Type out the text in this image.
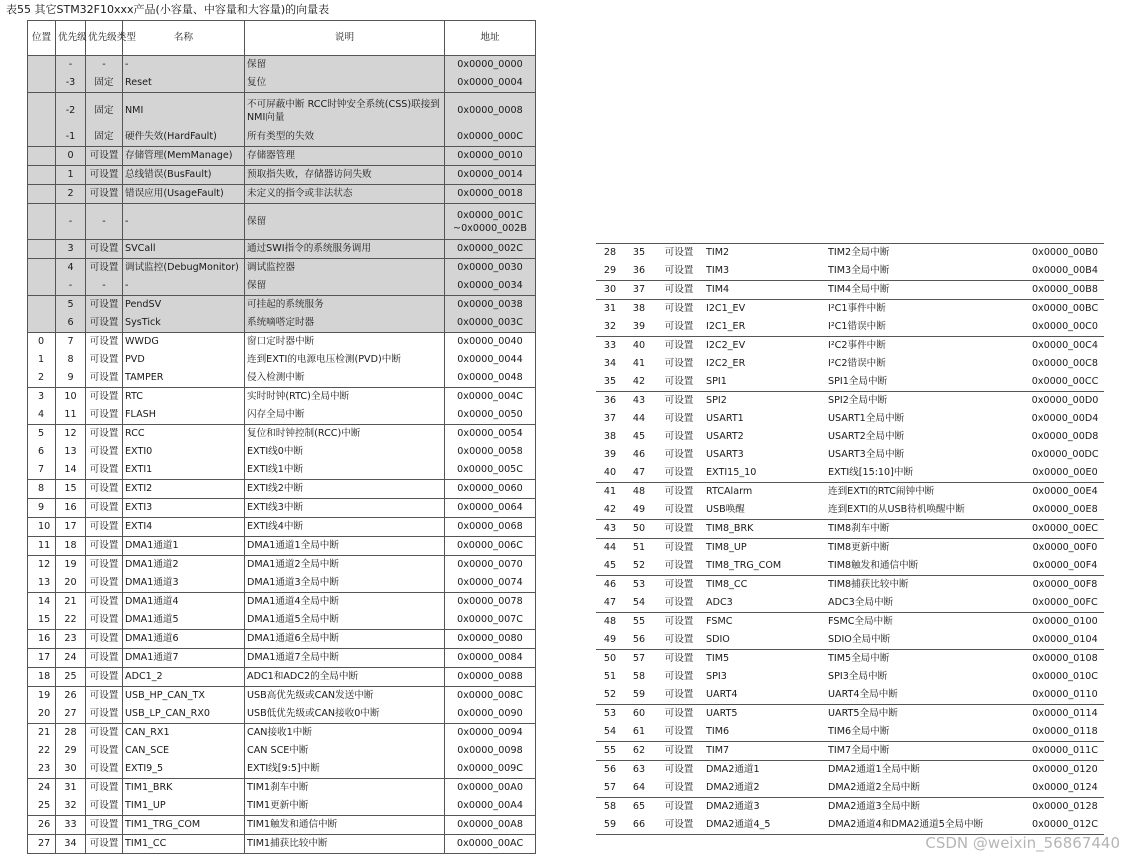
表55 其它STM32F10xxx产品(小容量、中容量和大容量)的向量表
位置	优先级	优先级类型	名称	说明	地址
	-	-	-	保留	0x0000_0000
	-3	固定	Reset	复位	0x0000_0004
	-2	固定	NMI	不可屏蔽中断 RCC时钟安全系统(CSS)联接到NMI向量	0x0000_0008
	-1	固定	硬件失效(HardFault)	所有类型的失效	0x0000_000C
	0	可设置	存储管理(MemManage)	存储器管理	0x0000_0010
	1	可设置	总线错误(BusFault)	预取指失败，存储器访问失败	0x0000_0014
	2	可设置	错误应用(UsageFault)	未定义的指令或非法状态	0x0000_0018
	-	-	-	保留	0x0000_001C ~0x0000_002B
	3	可设置	SVCall	通过SWI指令的系统服务调用	0x0000_002C
	4	可设置	调试监控(DebugMonitor)	调试监控器	0x0000_0030
	-	-	-	保留	0x0000_0034
	5	可设置	PendSV	可挂起的系统服务	0x0000_0038
	6	可设置	SysTick	系统嘀嗒定时器	0x0000_003C
0	7	可设置	WWDG	窗口定时器中断	0x0000_0040
1	8	可设置	PVD	连到EXTI的电源电压检测(PVD)中断	0x0000_0044
2	9	可设置	TAMPER	侵入检测中断	0x0000_0048
3	10	可设置	RTC	实时时钟(RTC)全局中断	0x0000_004C
4	11	可设置	FLASH	闪存全局中断	0x0000_0050
5	12	可设置	RCC	复位和时钟控制(RCC)中断	0x0000_0054
6	13	可设置	EXTI0	EXTI线0中断	0x0000_0058
7	14	可设置	EXTI1	EXTI线1中断	0x0000_005C
8	15	可设置	EXTI2	EXTI线2中断	0x0000_0060
9	16	可设置	EXTI3	EXTI线3中断	0x0000_0064
10	17	可设置	EXTI4	EXTI线4中断	0x0000_0068
11	18	可设置	DMA1通道1	DMA1通道1全局中断	0x0000_006C
12	19	可设置	DMA1通道2	DMA1通道2全局中断	0x0000_0070
13	20	可设置	DMA1通道3	DMA1通道3全局中断	0x0000_0074
14	21	可设置	DMA1通道4	DMA1通道4全局中断	0x0000_0078
15	22	可设置	DMA1通道5	DMA1通道5全局中断	0x0000_007C
16	23	可设置	DMA1通道6	DMA1通道6全局中断	0x0000_0080
17	24	可设置	DMA1通道7	DMA1通道7全局中断	0x0000_0084
18	25	可设置	ADC1_2	ADC1和ADC2的全局中断	0x0000_0088
19	26	可设置	USB_HP_CAN_TX	USB高优先级或CAN发送中断	0x0000_008C
20	27	可设置	USB_LP_CAN_RX0	USB低优先级或CAN接收0中断	0x0000_0090
21	28	可设置	CAN_RX1	CAN接收1中断	0x0000_0094
22	29	可设置	CAN_SCE	CAN SCE中断	0x0000_0098
23	30	可设置	EXTI9_5	EXTI线[9:5]中断	0x0000_009C
24	31	可设置	TIM1_BRK	TIM1刹车中断	0x0000_00A0
25	32	可设置	TIM1_UP	TIM1更新中断	0x0000_00A4
26	33	可设置	TIM1_TRG_COM	TIM1触发和通信中断	0x0000_00A8
27	34	可设置	TIM1_CC	TIM1捕获比较中断	0x0000_00AC
28	35	可设置	TIM2	TIM2全局中断	0x0000_00B0
29	36	可设置	TIM3	TIM3全局中断	0x0000_00B4
30	37	可设置	TIM4	TIM4全局中断	0x0000_00B8
31	38	可设置	I2C1_EV	I²C1事件中断	0x0000_00BC
32	39	可设置	I2C1_ER	I²C1错误中断	0x0000_00C0
33	40	可设置	I2C2_EV	I²C2事件中断	0x0000_00C4
34	41	可设置	I2C2_ER	I²C2错误中断	0x0000_00C8
35	42	可设置	SPI1	SPI1全局中断	0x0000_00CC
36	43	可设置	SPI2	SPI2全局中断	0x0000_00D0
37	44	可设置	USART1	USART1全局中断	0x0000_00D4
38	45	可设置	USART2	USART2全局中断	0x0000_00D8
39	46	可设置	USART3	USART3全局中断	0x0000_00DC
40	47	可设置	EXTI15_10	EXTI线[15:10]中断	0x0000_00E0
41	48	可设置	RTCAlarm	连到EXTI的RTC闹钟中断	0x0000_00E4
42	49	可设置	USB唤醒	连到EXTI的从USB待机唤醒中断	0x0000_00E8
43	50	可设置	TIM8_BRK	TIM8刹车中断	0x0000_00EC
44	51	可设置	TIM8_UP	TIM8更新中断	0x0000_00F0
45	52	可设置	TIM8_TRG_COM	TIM8触发和通信中断	0x0000_00F4
46	53	可设置	TIM8_CC	TIM8捕获比较中断	0x0000_00F8
47	54	可设置	ADC3	ADC3全局中断	0x0000_00FC
48	55	可设置	FSMC	FSMC全局中断	0x0000_0100
49	56	可设置	SDIO	SDIO全局中断	0x0000_0104
50	57	可设置	TIM5	TIM5全局中断	0x0000_0108
51	58	可设置	SPI3	SPI3全局中断	0x0000_010C
52	59	可设置	UART4	UART4全局中断	0x0000_0110
53	60	可设置	UART5	UART5全局中断	0x0000_0114
54	61	可设置	TIM6	TIM6全局中断	0x0000_0118
55	62	可设置	TIM7	TIM7全局中断	0x0000_011C
56	63	可设置	DMA2通道1	DMA2通道1全局中断	0x0000_0120
57	64	可设置	DMA2通道2	DMA2通道2全局中断	0x0000_0124
58	65	可设置	DMA2通道3	DMA2通道3全局中断	0x0000_0128
59	66	可设置	DMA2通道4_5	DMA2通道4和DMA2通道5全局中断	0x0000_012C
CSDN @weixin_56867440
